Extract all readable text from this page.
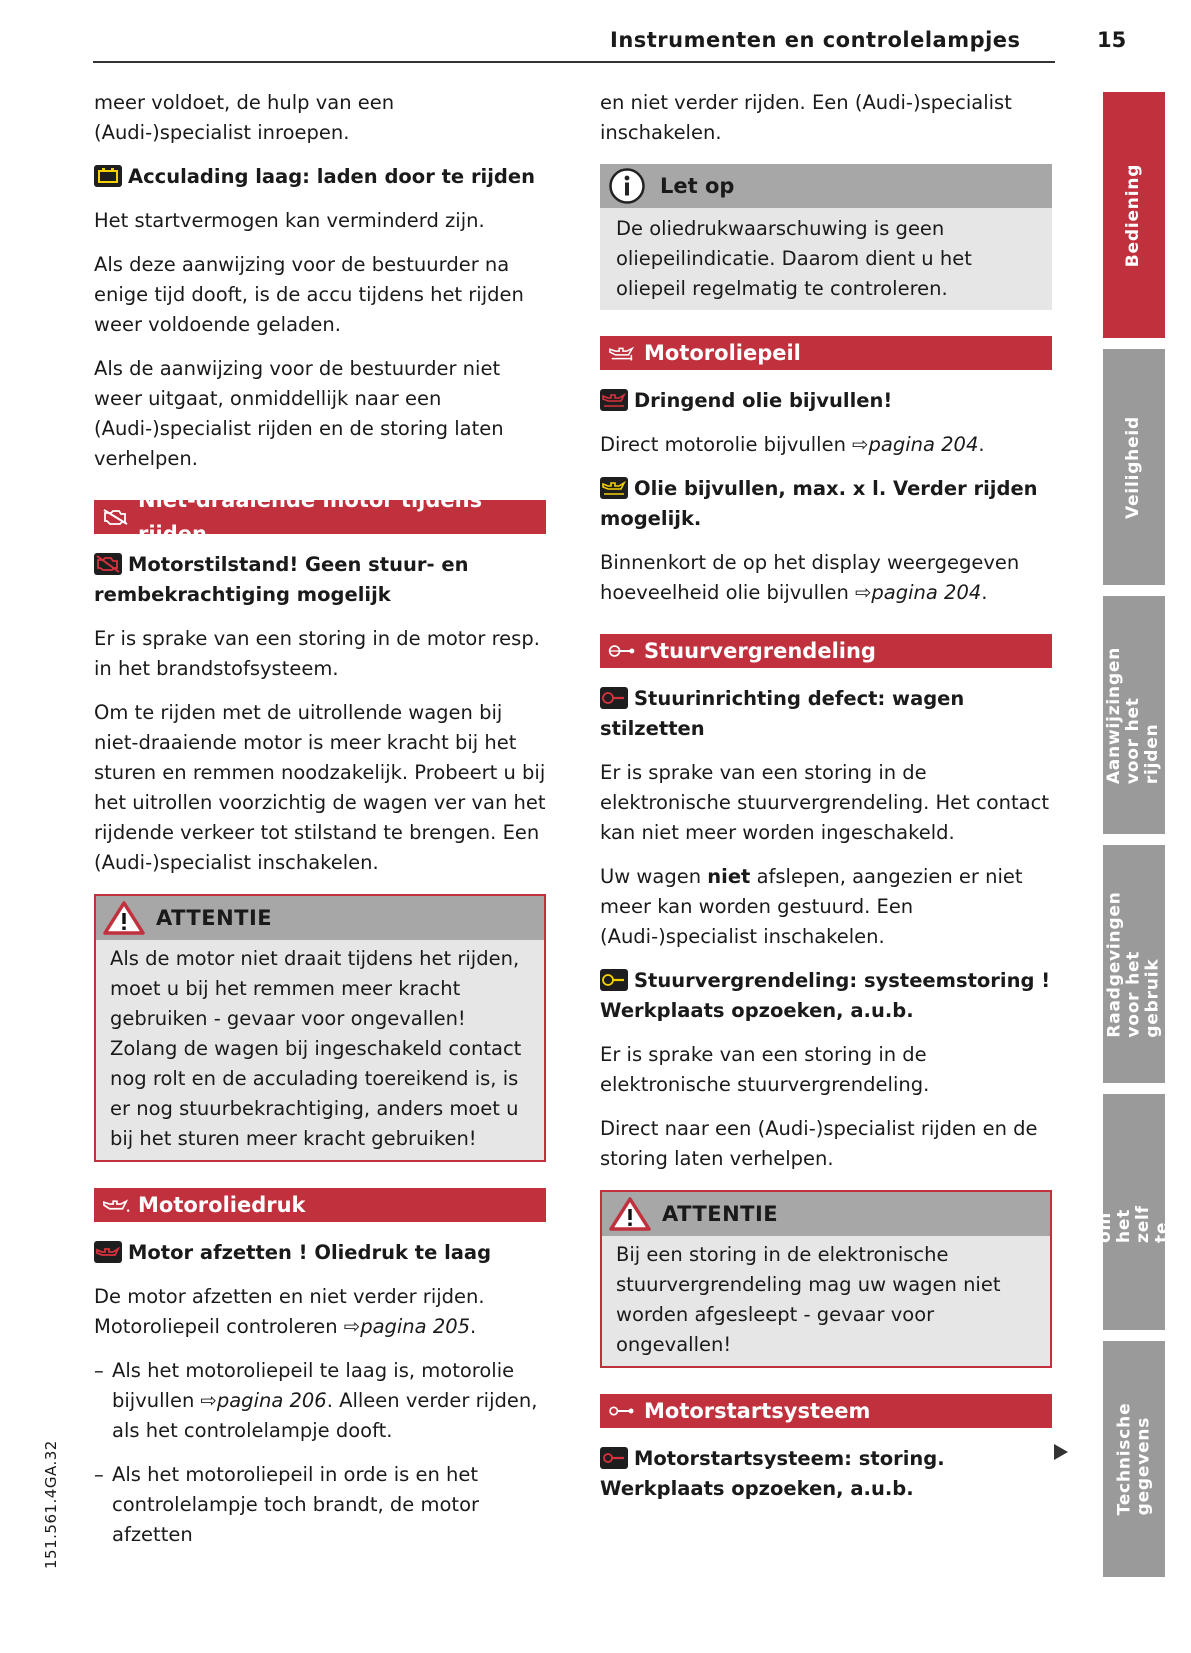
Instrumenten en controlelampjes	15

meer voldoet, de hulp van een (Audi-)specialist inroepen.

Acculading laag: laden door te rijden

Het startvermogen kan verminderd zijn.

Als deze aanwijzing voor de bestuurder na enige tijd dooft, is de accu tijdens het rijden weer voldoende geladen.

Als de aanwijzing voor de bestuurder niet weer uitgaat, onmiddellijk naar een (Audi-)specialist rijden en de storing laten verhelpen.

Niet-draaiende motor tijdens rijden
Motorstilstand! Geen stuur- en rembekrachtiging mogelijk

Er is sprake van een storing in de motor resp. in het brandstofsysteem.

Om te rijden met de uitrollende wagen bij niet-draaiende motor is meer kracht bij het sturen en remmen noodzakelijk. Probeert u bij het uitrollen voorzichtig de wagen ver van het rijdende verkeer tot stilstand te brengen. Een (Audi-)specialist inschakelen.

ATTENTIE
Als de motor niet draait tijdens het rijden, moet u bij het remmen meer kracht gebruiken - gevaar voor ongevallen! Zolang de wagen bij ingeschakeld contact nog rolt en de acculading toereikend is, is er nog stuurbekrachtiging, anders moet u bij het sturen meer kracht gebruiken!
Motoroliedruk
Motor afzetten ! Oliedruk te laag

De motor afzetten en niet verder rijden. Motoroliepeil controleren ⇨pagina 205.

– Als het motoroliepeil te laag is, motorolie bijvullen ⇨pagina 206. Alleen verder rijden, als het controlelampje dooft.
– Als het motoroliepeil in orde is en het controlelampje toch brandt, de motor afzetten

en niet verder rijden. Een (Audi-)specialist inschakelen.

Let op
De oliedrukwaarschuwing is geen oliepeilindicatie. Daarom dient u het oliepeil regelmatig te controleren.
Motoroliepeil
Dringend olie bijvullen!

Direct motorolie bijvullen ⇨pagina 204.

Olie bijvullen, max. x l. Verder rijden mogelijk.

Binnenkort de op het display weergegeven hoeveelheid olie bijvullen ⇨pagina 204.

Stuurvergrendeling
Stuurinrichting defect: wagen stilzetten

Er is sprake van een storing in de elektronische stuurvergrendeling. Het contact kan niet meer worden ingeschakeld.

Uw wagen niet afslepen, aangezien er niet meer kan worden gestuurd. Een (Audi-)specialist inschakelen.

Stuurvergrendeling: systeemstoring ! Werkplaats opzoeken, a.u.b.

Er is sprake van een storing in de elektronische stuurvergrendeling.

Direct naar een (Audi-)specialist rijden en de storing laten verhelpen.

ATTENTIE
Bij een storing in de elektronische stuurvergrendeling mag uw wagen niet worden afgesleept - gevaar voor ongevallen!
Motorstartsysteem
Motorstartsysteem: storing. Werkplaats opzoeken, a.u.b.
Bediening
Veiligheid
Aanwijzingen voor het rijden
Raadgevingen voor het gebruik
Tips om het zelf te doen
Technische gegevens
151.561.4GA.32
